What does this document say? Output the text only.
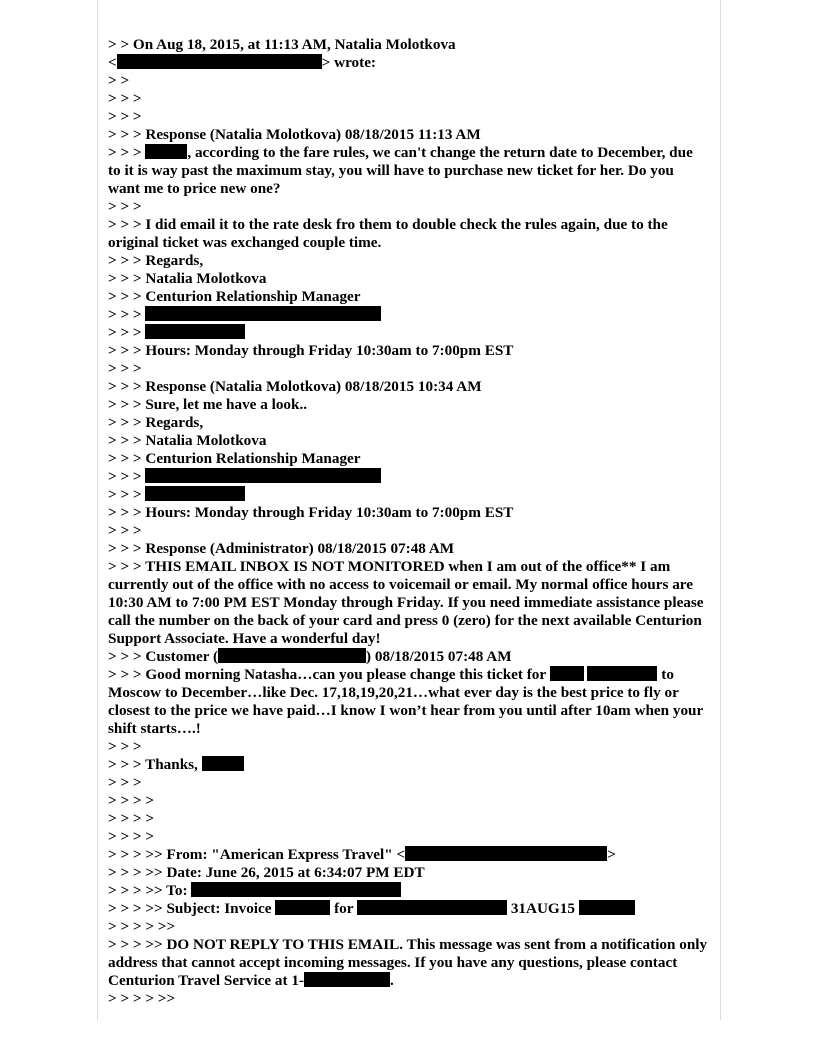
> > On Aug 18, 2015, at 11:13 AM, Natalia Molotkova
<	> wrote:
> >
> > >
> > >
> > > Response (Natalia Molotkova) 08/18/2015 11:13 AM
> > >	, according to the fare rules, we can't change the return date to December, due to it is way past the maximum stay, you will have to purchase new ticket for her. Do you want me to price new one?
> > >
> > > I did email it to the rate desk fro them to double check the rules again, due to the original ticket was exchanged couple time.
> > > Regards,
> > > Natalia Molotkova
> > > Centurion Relationship Manager
> > >
> > >
> > > Hours: Monday through Friday 10:30am to 7:00pm EST
> > >
> > > Response (Natalia Molotkova) 08/18/2015 10:34 AM
> > > Sure, let me have a look..
> > > Regards,
> > > Natalia Molotkova
> > > Centurion Relationship Manager
> > >
> > >
> > > Hours: Monday through Friday 10:30am to 7:00pm EST
> > >
> > > Response (Administrator) 08/18/2015 07:48 AM
> > > THIS EMAIL INBOX IS NOT MONITORED when I am out of the office** I am currently out of the office with no access to voicemail or email. My normal office hours are 10:30 AM to 7:00 PM EST Monday through Friday. If you need immediate assistance please call the number on the back of your card and press 0 (zero) for the next available Centurion Support Associate. Have a wonderful day!
> > > Customer (	) 08/18/2015 07:48 AM
> > > Good morning Natasha…can you please change this ticket for	to Moscow to December…like Dec. 17,18,19,20,21…what ever day is the best price to fly or closest to the price we have paid…I know I won’t hear from you until after 10am when your shift starts….!
> > >
> > > Thanks,
> > >
> > > >
> > > >
> > > >
> > > >> From: "American Express Travel" <	>
> > > >> Date: June 26, 2015 at 6:34:07 PM EDT
> > > >> To:
> > > >> Subject: Invoice	for	31AUG15
> > > > >>
> > > >> DO NOT REPLY TO THIS EMAIL. This message was sent from a notification only address that cannot accept incoming messages. If you have any questions, please contact Centurion Travel Service at 1-	.
> > > > >>
